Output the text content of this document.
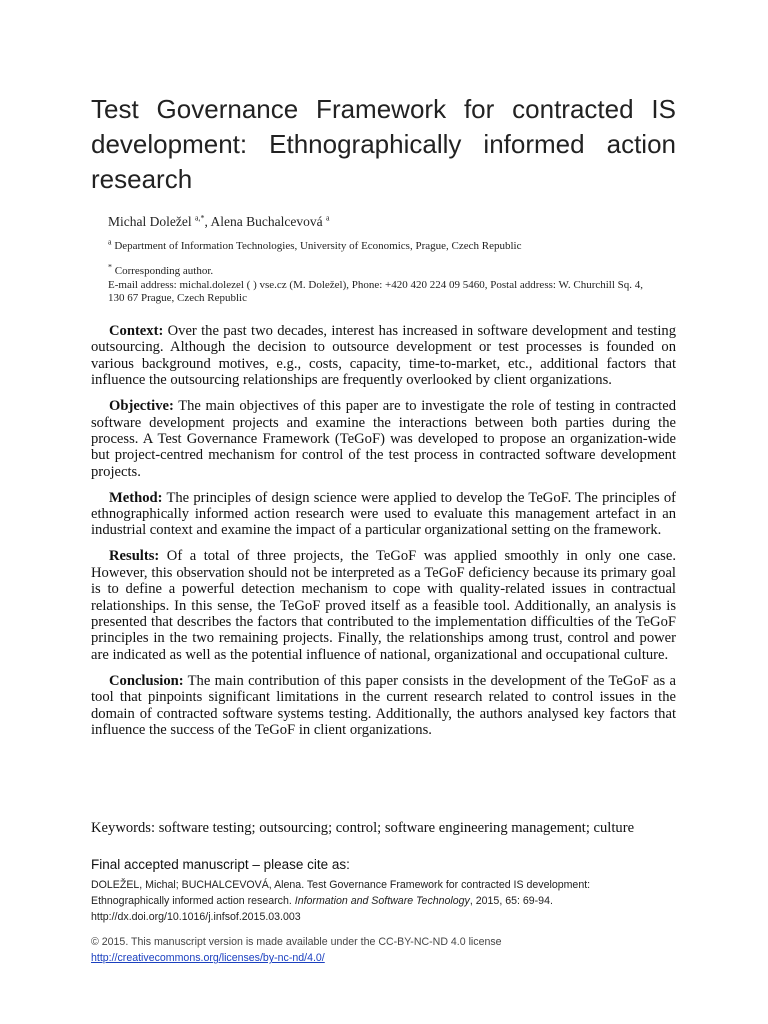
Test Governance Framework for contracted IS development: Ethnographically informed action research
Michal Doležel $^{a,*}$, Alena Buchalcevová $^a$
$^a$ Department of Information Technologies, University of Economics, Prague, Czech Republic
* Corresponding author.
E-mail address: michal.dolezel ( ) vse.cz (M. Doležel), Phone: +420 420 224 09 5460, Postal address: W. Churchill Sq. 4,
130 67 Prague, Czech Republic

Context: Over the past two decades, interest has increased in software development and testing outsourcing. Although the decision to outsource development or test processes is founded on various background motives, e.g., costs, capacity, time-to-market, etc., additional factors that influence the outsourcing relationships are frequently overlooked by client organizations.

Objective: The main objectives of this paper are to investigate the role of testing in contracted software development projects and examine the interactions between both parties during the process. A Test Governance Framework (TeGoF) was developed to propose an organization-wide but project-centred mechanism for control of the test process in contracted software development projects.

Method: The principles of design science were applied to develop the TeGoF. The principles of ethnographically informed action research were used to evaluate this management artefact in an industrial context and examine the impact of a particular organizational setting on the framework.

Results: Of a total of three projects, the TeGoF was applied smoothly in only one case. However, this observation should not be interpreted as a TeGoF deficiency because its primary goal is to define a powerful detection mechanism to cope with quality-related issues in contractual relationships. In this sense, the TeGoF proved itself as a feasible tool. Additionally, an analysis is presented that describes the factors that contributed to the implementation difficulties of the TeGoF principles in the two remaining projects. Finally, the relationships among trust, control and power are indicated as well as the potential influence of national, organizational and occupational culture.

Conclusion: The main contribution of this paper consists in the development of the TeGoF as a tool that pinpoints significant limitations in the current research related to control issues in the domain of contracted software systems testing. Additionally, the authors analysed key factors that influence the success of the TeGoF in client organizations.

Keywords: software testing; outsourcing; control; software engineering management; culture
Final accepted manuscript – please cite as:
DOLEŽEL, Michal; BUCHALCEVOVÁ, Alena. Test Governance Framework for contracted IS development:
Ethnographically informed action research. Information and Software Technology, 2015, 65: 69-94.
http://dx.doi.org/10.1016/j.infsof.2015.03.003
© 2015. This manuscript version is made available under the CC-BY-NC-ND 4.0 license
http://creativecommons.org/licenses/by-nc-nd/4.0/
